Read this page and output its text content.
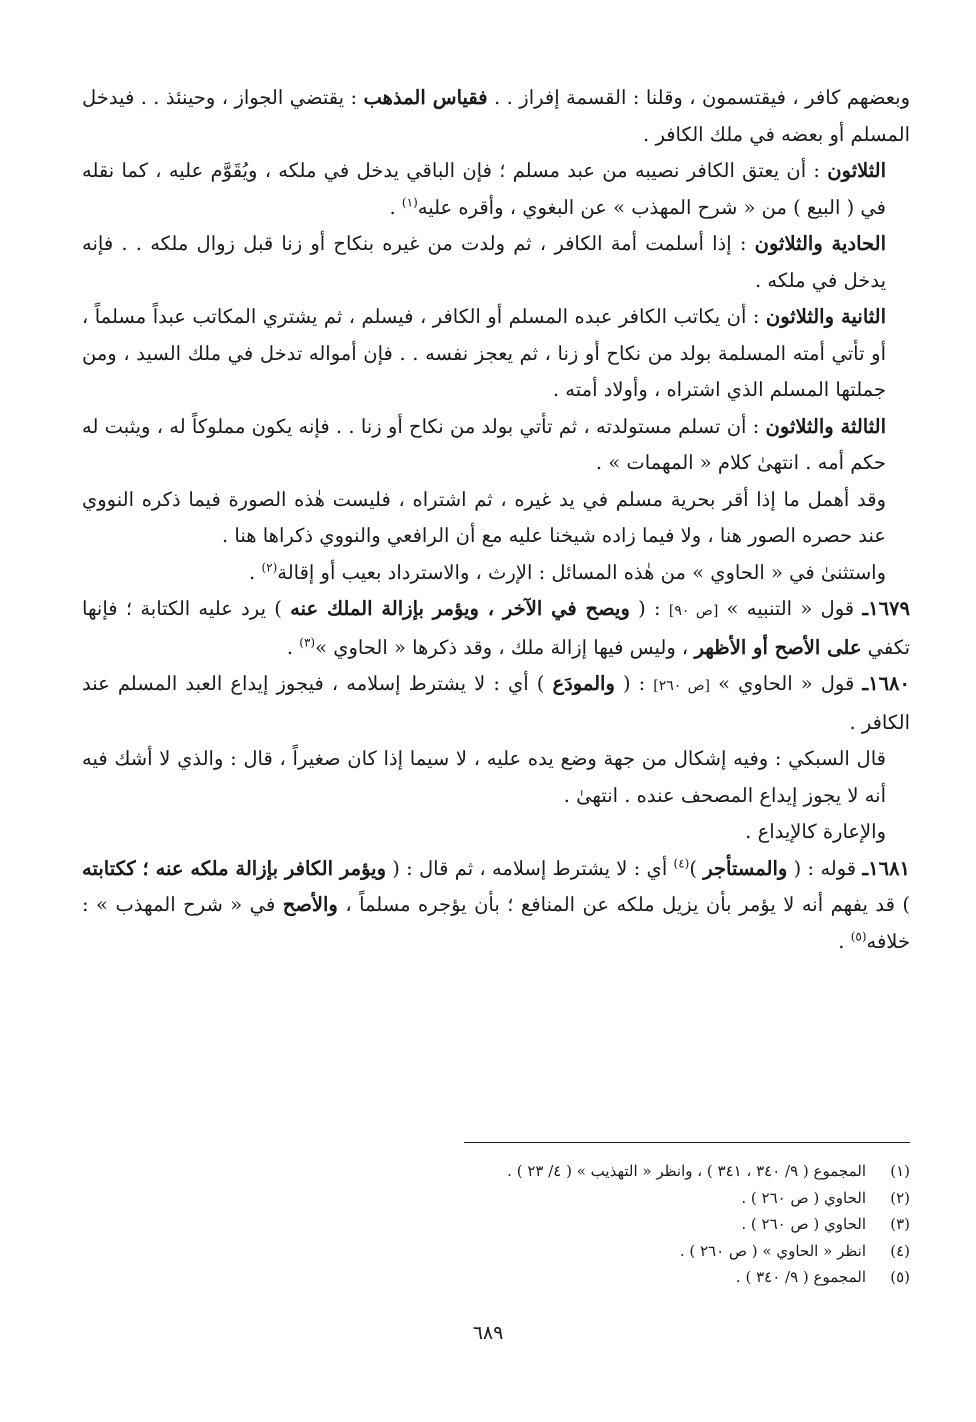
وبعضهم كافر ، فيقتسمون ، وقلنا : القسمة إفراز . . فقياس المذهب : يقتضي الجواز ، وحينئذ . . فيدخل المسلم أو بعضه في ملك الكافر .

الثلاثون : أن يعتق الكافر نصيبه من عبد مسلم ؛ فإن الباقي يدخل في ملكه ، ويُقَوَّم عليه ، كما نقله في ( البيع ) من « شرح المهذب » عن البغوي ، وأقره عليه$^{(١)}$ .

الحادية والثلاثون : إذا أسلمت أمة الكافر ، ثم ولدت من غيره بنكاح أو زنا قبل زوال ملكه . . فإنه يدخل في ملكه .

الثانية والثلاثون : أن يكاتب الكافر عبده المسلم أو الكافر ، فيسلم ، ثم يشتري المكاتب عبداً مسلماً ، أو تأتي أمته المسلمة بولد من نكاح أو زنا ، ثم يعجز نفسه . . فإن أمواله تدخل في ملك السيد ، ومن جملتها المسلم الذي اشتراه ، وأولاد أمته .

الثالثة والثلاثون : أن تسلم مستولدته ، ثم تأتي بولد من نكاح أو زنا . . فإنه يكون مملوكاً له ، ويثبت له حكم أمه . انتهىٰ كلام « المهمات » .

وقد أهمل ما إذا أقر بحرية مسلم في يد غيره ، ثم اشتراه ، فليست هٰذه الصورة فيما ذكره النووي عند حصره الصور هنا ، ولا فيما زاده شيخنا عليه مع أن الرافعي والنووي ذكراها هنا .

واستثنىٰ في « الحاوي » من هٰذه المسائل : الإرث ، والاسترداد بعيب أو إقالة$^{(٢)}$ .

١٦٧٩ـ قول « التنبيه » [ص ٩٠] : ( ويصح في الآخر ، ويؤمر بإزالة الملك عنه ) يرد عليه الكتابة ؛ فإنها تكفي على الأصح أو الأظهر ، وليس فيها إزالة ملك ، وقد ذكرها « الحاوي »$^{(٣)}$ .

١٦٨٠ـ قول « الحاوي » [ص ٢٦٠] : ( والمودَع ) أي : لا يشترط إسلامه ، فيجوز إيداع العبد المسلم عند الكافر .

قال السبكي : وفيه إشكال من جهة وضع يده عليه ، لا سيما إذا كان صغيراً ، قال : والذي لا أشك فيه أنه لا يجوز إيداع المصحف عنده . انتهىٰ .

والإعارة كالإيداع .

١٦٨١ـ قوله : ( والمستأجر )$^{(٤)}$ أي : لا يشترط إسلامه ، ثم قال : ( ويؤمر الكافر بإزالة ملكه عنه ؛ ككتابته ) قد يفهم أنه لا يؤمر بأن يزيل ملكه عن المنافع ؛ بأن يؤجره مسلماً ، والأصح في « شرح المهذب » : خلافه$^{(٥)}$ .

(١)
المجموع ( ٩/ ٣٤٠ ، ٣٤١ ) ، وانظر « التهذيب » ( ٤/ ٢٣ ) .
(٢)
الحاوي ( ص ٢٦٠ ) .
(٣)
الحاوي ( ص ٢٦٠ ) .
(٤)
انظر « الحاوي » ( ص ٢٦٠ ) .
(٥)
المجموع ( ٩/ ٣٤٠ ) .
٦٨٩
